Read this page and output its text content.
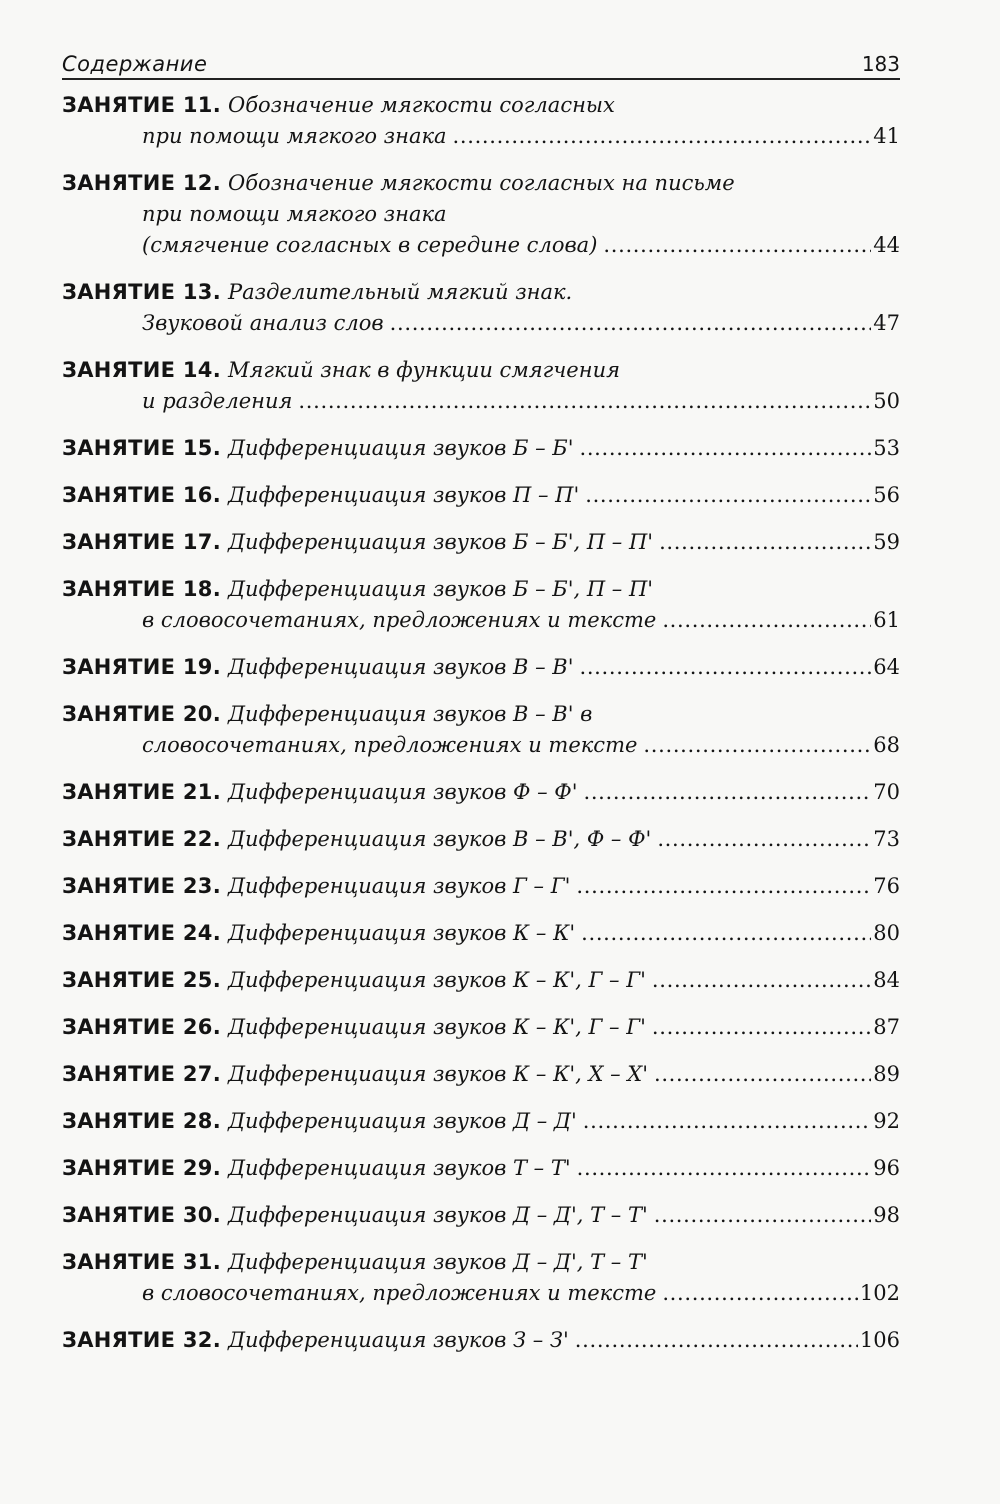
Содержание	183
ЗАНЯТИЕ 11. Обозначение мягкости согласных
при помощи мягкого знака . . .	41
ЗАНЯТИЕ 12. Обозначение мягкости согласных на письме
при помощи мягкого знака
(смягчение согласных в середине слова) . . .	44
ЗАНЯТИЕ 13. Разделительный мягкий знак.
Звуковой анализ слов . . .	47
ЗАНЯТИЕ 14. Мягкий знак в функции смягчения
и разделения . . .	50
ЗАНЯТИЕ 15. Дифференциация звуков Б – Б' . . .	53
ЗАНЯТИЕ 16. Дифференциация звуков П – П' . . .	56
ЗАНЯТИЕ 17. Дифференциация звуков Б – Б', П – П' . . .	59
ЗАНЯТИЕ 18. Дифференциация звуков Б – Б', П – П'
в словосочетаниях, предложениях и тексте . . .	61
ЗАНЯТИЕ 19. Дифференциация звуков В – В' . . .	64
ЗАНЯТИЕ 20. Дифференциация звуков В – В' в
словосочетаниях, предложениях и тексте . . .	68
ЗАНЯТИЕ 21. Дифференциация звуков Ф – Ф' . . .	70
ЗАНЯТИЕ 22. Дифференциация звуков В – В', Ф – Ф' . . .	73
ЗАНЯТИЕ 23. Дифференциация звуков Г – Г' . . .	76
ЗАНЯТИЕ 24. Дифференциация звуков К – К' . . .	80
ЗАНЯТИЕ 25. Дифференциация звуков К – К', Г – Г' . . .	84
ЗАНЯТИЕ 26. Дифференциация звуков К – К', Г – Г' . . .	87
ЗАНЯТИЕ 27. Дифференциация звуков К – К', Х – Х' . . .	89
ЗАНЯТИЕ 28. Дифференциация звуков Д – Д' . . .	92
ЗАНЯТИЕ 29. Дифференциация звуков Т – Т' . . .	96
ЗАНЯТИЕ 30. Дифференциация звуков Д – Д', Т – Т' . . .	98
ЗАНЯТИЕ 31. Дифференциация звуков Д – Д', Т – Т'
в словосочетаниях, предложениях и тексте . . .	102
ЗАНЯТИЕ 32. Дифференциация звуков З – З' . . .	106
